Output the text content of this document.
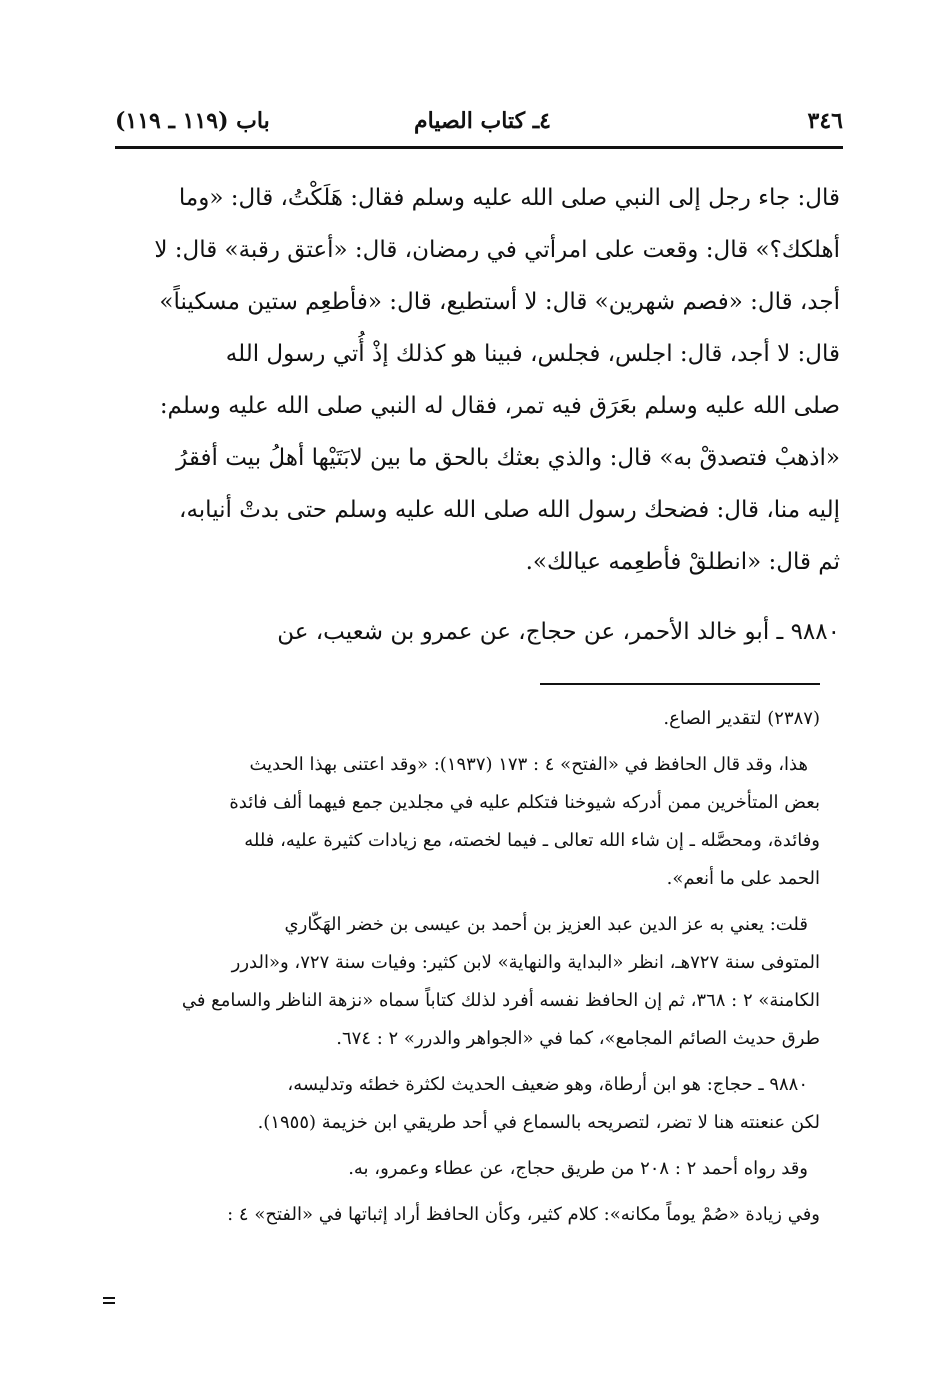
٣٤٦
٤ـ كتاب الصيام
باب (١١٩ ـ ١١٩)
قال: جاء رجل إلى النبي صلى الله عليه وسلم فقال: هَلَكْتُ، قال: «وما
أهلكك؟» قال: وقعت على امرأتي في رمضان، قال: «أعتق رقبة» قال: لا
أجد، قال: «فصم شهرين» قال: لا أستطيع، قال: «فأطعِم ستين مسكيناً»
قال: لا أجد، قال: اجلس، فجلس، فبينا هو كذلك إذْ أُتي رسول الله
صلى الله عليه وسلم بعَرَق فيه تمر، فقال له النبي صلى الله عليه وسلم:
«اذهبْ فتصدقْ به» قال: والذي بعثك بالحق ما بين لابَتَيْها أهلُ بيت أفقرُ
إليه منا، قال: فضحك رسول الله صلى الله عليه وسلم حتى بدتْ أنيابه،
ثم قال: «انطلقْ فأطعِمه عيالك».
٩٨٨٠ ـ أبو خالد الأحمر، عن حجاج، عن عمرو بن شعيب، عن
(٢٣٨٧) لتقدير الصاع.
هذا، وقد قال الحافظ في «الفتح» ٤ : ١٧٣ (١٩٣٧): «وقد اعتنى بهذا الحديث
بعض المتأخرين ممن أدركه شيوخنا فتكلم عليه في مجلدين جمع فيهما ألف فائدة
وفائدة، ومحصَّله ـ إن شاء الله تعالى ـ فيما لخصته، مع زيادات كثيرة عليه، فلله
الحمد على ما أنعم».
قلت: يعني به عز الدين عبد العزيز بن أحمد بن عيسى بن خضر الهَكّاري
المتوفى سنة ٧٢٧هـ، انظر «البداية والنهاية» لابن كثير: وفيات سنة ٧٢٧، و«الدرر
الكامنة» ٢ : ٣٦٨، ثم إن الحافظ نفسه أفرد لذلك كتاباً سماه «نزهة الناظر والسامع في
طرق حديث الصائم المجامع»، كما في «الجواهر والدرر» ٢ : ٦٧٤.
٩٨٨٠ ـ حجاج: هو ابن أرطاة، وهو ضعيف الحديث لكثرة خطئه وتدليسه،
لكن عنعنته هنا لا تضر، لتصريحه بالسماع في أحد طريقي ابن خزيمة (١٩٥٥).
وقد رواه أحمد ٢ : ٢٠٨ من طريق حجاج، عن عطاء وعمرو، به.
وفي زيادة «صُمْ يوماً مكانه»: كلام كثير، وكأن الحافظ أراد إثباتها في «الفتح» ٤ :
